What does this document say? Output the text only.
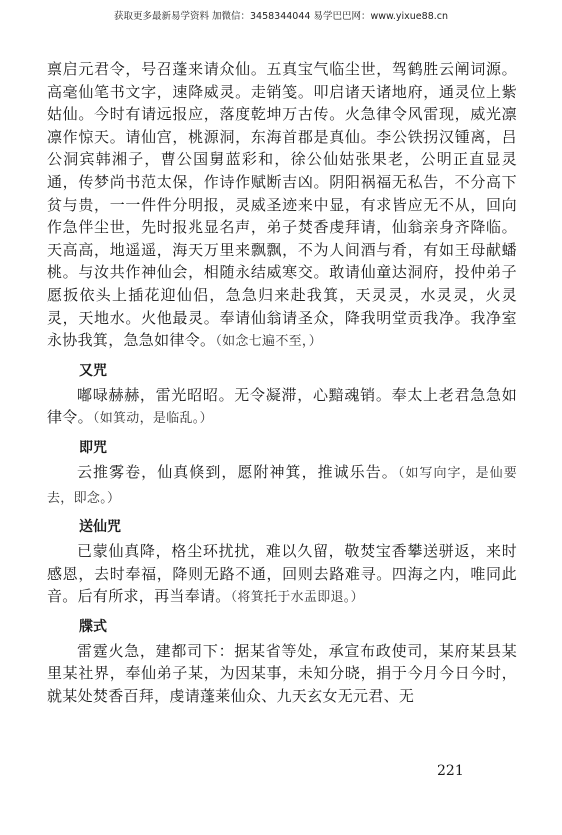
获取更多最新易学资料 加微信：3458344044 易学巴巴网：www.yixue88.cn

禀启元君令，号召蓬来请众仙。五真宝气临尘世，驾鹤胜云阐词源。高毫仙笔书文字，速降威灵。走销笺。叩启诸天诸地府，通灵位上紫姑仙。今时有请远报应，落度乾坤万古传。火急律令风雷现，威光凛凛作惊天。请仙宫，桃源洞，东海首郡是真仙。李公铁拐汉锺离，吕公洞宾韩湘子，曹公国舅蓝彩和，徐公仙姑张果老，公明正直显灵通，传梦尚书范太保，作诗作赋断吉凶。阴阳祸福无私告，不分高下贫与贵，一一件件分明报，灵威圣迹来中显，有求皆应无不从，回向作急伴尘世，先时报兆显名声，弟子焚香虔拜请，仙翁亲身齐降临。天高高，地遥遥，海天万里来飘飘，不为人间酒与肴，有如王母献蟠桃。与汝共作神仙会，相随永结威寒交。敢请仙童达洞府，投仲弟子愿扳依头上插花迎仙侣，急急归来赴我箕，天灵灵，水灵灵，火灵灵，天地水。火他最灵。奉请仙翁请圣众，降我明堂贡我净。我净室永协我箕，急急如律令。（如念七遍不至，）

又咒

嘟㖨赫赫，雷光昭昭。无令凝滞，心黯魂销。奉太上老君急急如律令。（如箕动，是临乱。）

即咒

云推雾卷，仙真倏到，愿附神箕，推诚乐告。（如写向字，是仙要去，即念。）

送仙咒

已蒙仙真降，格尘环扰扰，难以久留，敬焚宝香攀送骈返，来时感恩，去时奉福，降则无路不通，回则去路难寻。四海之内，唯同此音。后有所求，再当奉请。（将箕托于水盂即退。）

牒式

雷霆火急，建都司下：据某省等处，承宣布政使司，某府某县某里某社界，奉仙弟子某，为因某事，未知分晓，捐于今月今日今时，就某处焚香百拜，虔请蓬莱仙众、九天玄女无元君、无

221
